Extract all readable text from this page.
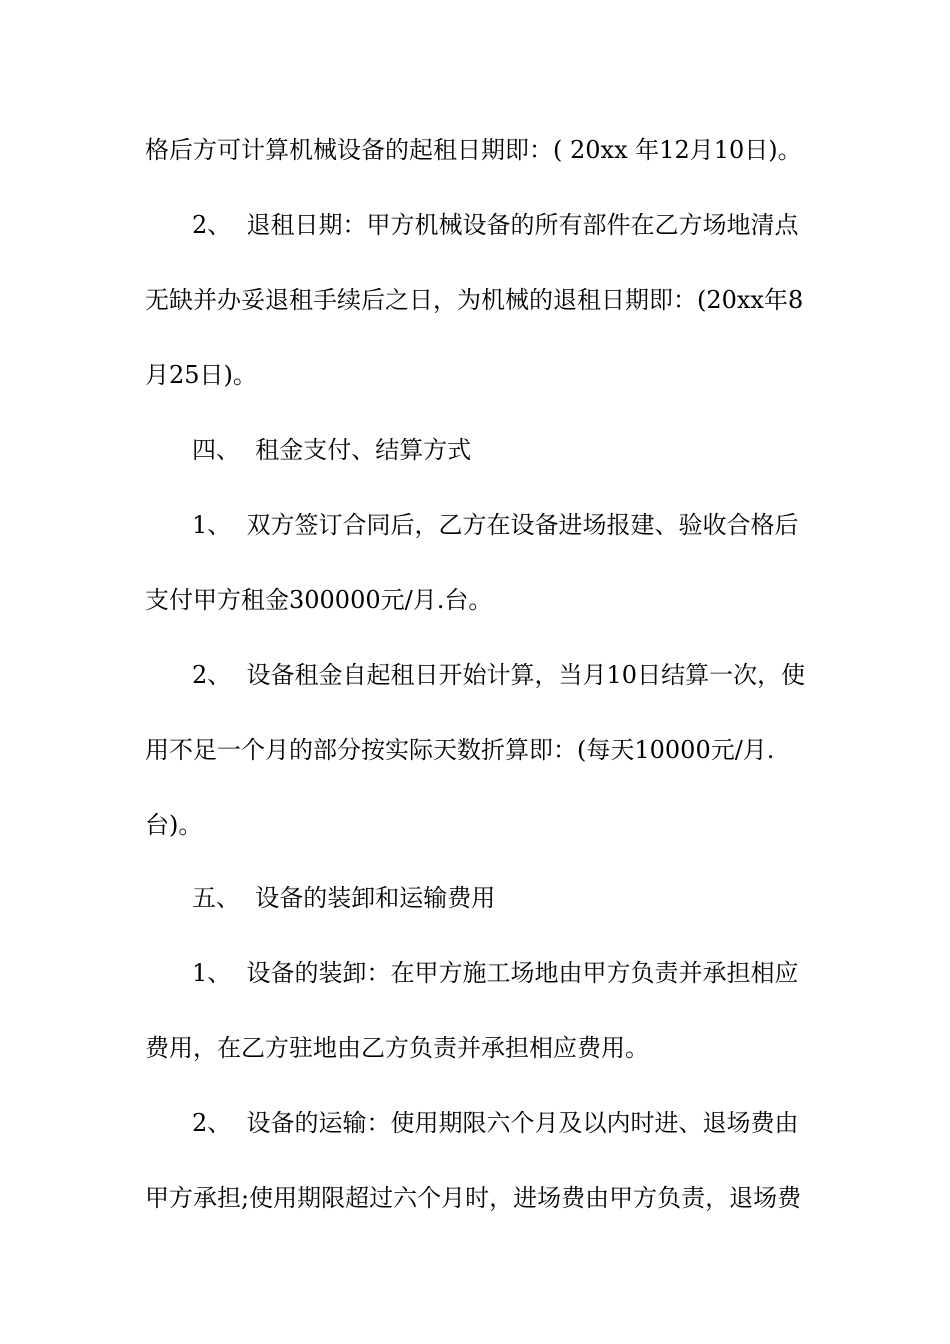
格后方可计算机械设备的起租日期即：( 20xx 年12月10日)。
2、  退租日期：甲方机械设备的所有部件在乙方场地清点
无缺并办妥退租手续后之日，为机械的退租日期即：(20xx年8
月25日)。
四、  租金支付、结算方式
1、  双方签订合同后，乙方在设备进场报建、验收合格后
支付甲方租金300000元/月.台。
2、  设备租金自起租日开始计算，当月10日结算一次，使
用不足一个月的部分按实际天数折算即：(每天10000元/月.
台)。
五、  设备的装卸和运输费用
1、  设备的装卸：在甲方施工场地由甲方负责并承担相应
费用，在乙方驻地由乙方负责并承担相应费用。
2、  设备的运输：使用期限六个月及以内时进、退场费由
甲方承担;使用期限超过六个月时，进场费由甲方负责，退场费
